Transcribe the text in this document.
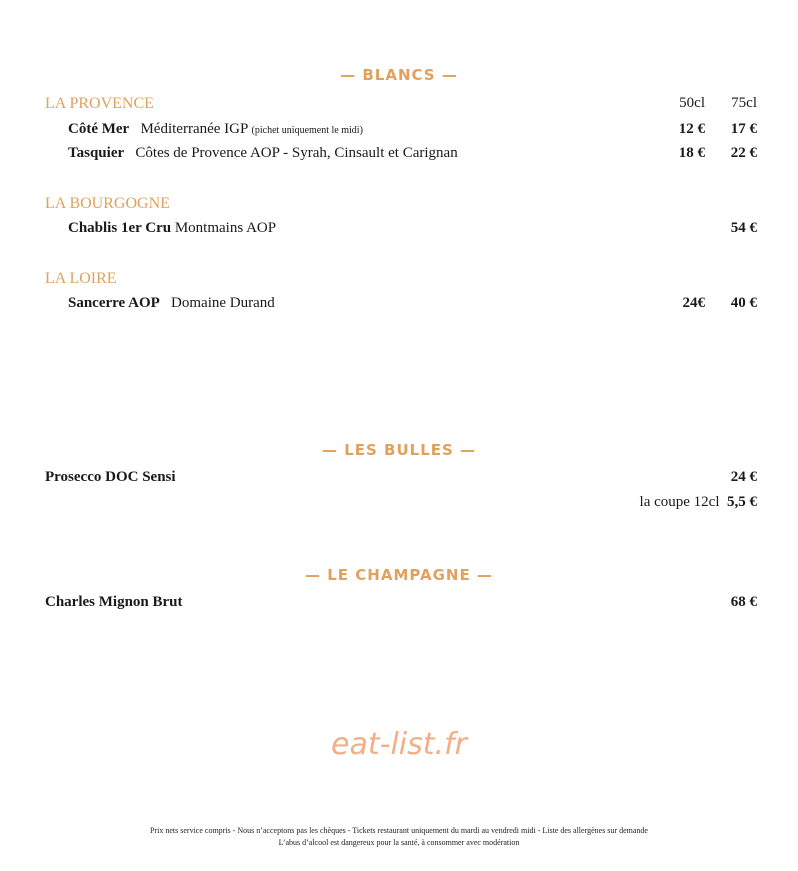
— BLANCS —
LA PROVENCE	50cl 75cl
Côté Mer Méditerranée IGP (pichet uniquement le midi)	12 € 17 €
Tasquier Côtes de Provence AOP - Syrah, Cinsault et Carignan	18 € 22 €
LA BOURGOGNE
Chablis 1er Cru Montmains AOP	54 €
LA LOIRE
Sancerre AOP Domaine Durand	24€ 40 €
— LES BULLES —
Prosecco DOC Sensi	24 €
la coupe 12cl 5,5 €
— LE CHAMPAGNE —
Charles Mignon Brut	68 €
eat-list.fr
Prix nets service compris - Nous n’acceptons pas les chèques - Tickets restaurant uniquement du mardi au vendredi midi - Liste des allergènes sur demande
L’abus d’alcool est dangereux pour la santé, à consommer avec modération
